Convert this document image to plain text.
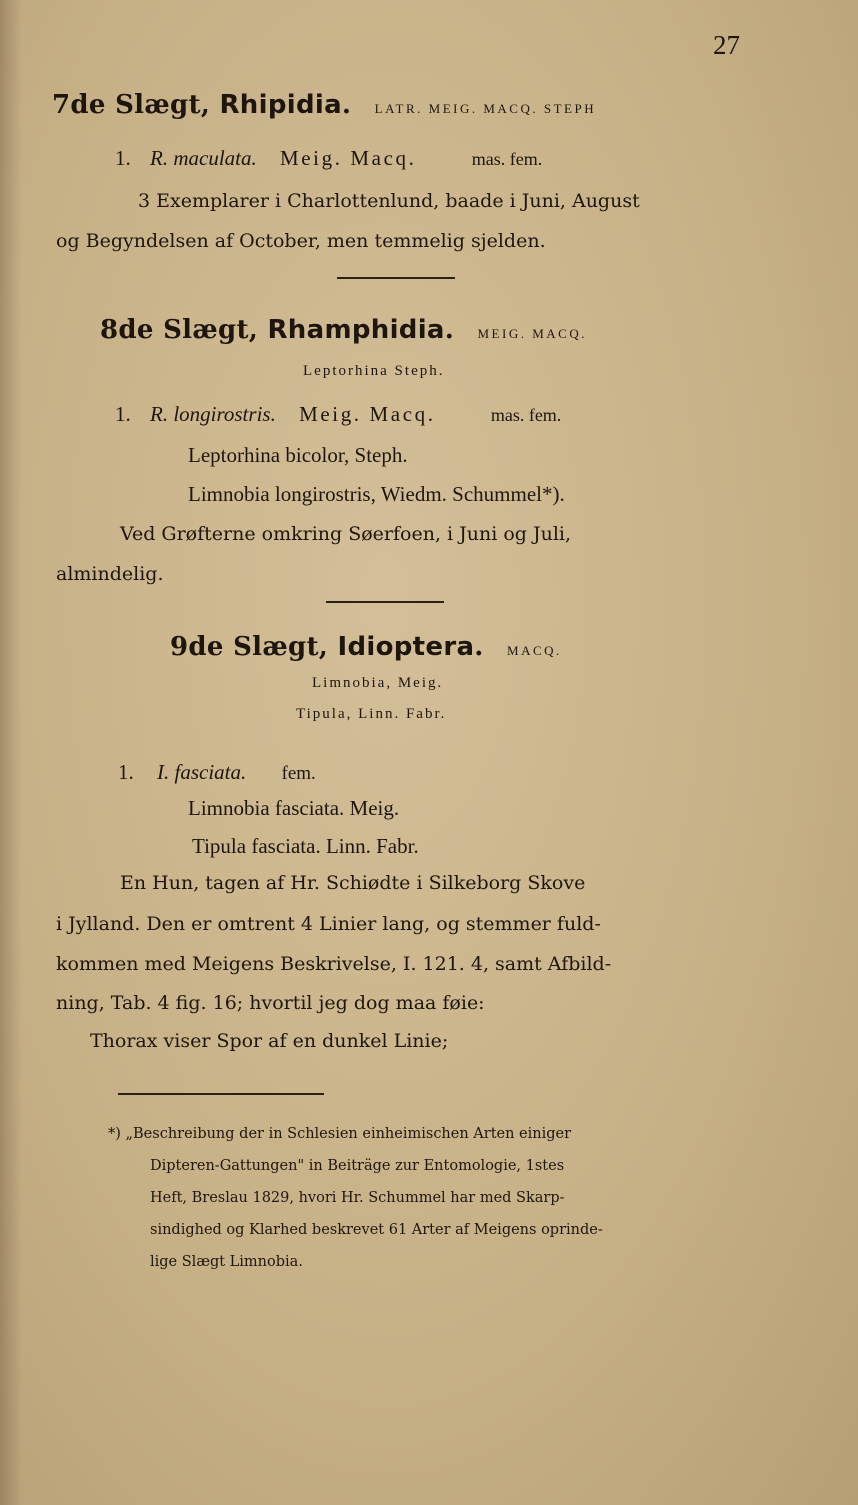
27
7de Slægt, Rhipidia. LATR. MEIG. MACQ. STEPH
1. R. maculata. Meig. Macq.	mas. fem.
3 Exemplarer i Charlottenlund, baade i Juni, August
og Begyndelsen af October, men temmelig sjelden.
8de Slægt, Rhamphidia. MEIG. MACQ.
Leptorhina Steph.
1. R. longirostris. Meig. Macq.	mas. fem.
Leptorhina bicolor, Steph.
Limnobia longirostris, Wiedm. Schummel*).
Ved Grøfterne omkring Søerfoen, i Juni og Juli,
almindelig.
9de Slægt, Idioptera. MACQ.
Limnobia, Meig.
Tipula, Linn. Fabr.
1. I. fasciata. fem.
Limnobia fasciata. Meig.
Tipula fasciata. Linn. Fabr.
En Hun, tagen af Hr. Schiødte i Silkeborg Skove
i Jylland. Den er omtrent 4 Linier lang, og stemmer fuld-
kommen med Meigens Beskrivelse, I. 121. 4, samt Afbild-
ning, Tab. 4 fig. 16; hvortil jeg dog maa føie:
Thorax viser Spor af en dunkel Linie;
*) „Beschreibung der in Schlesien einheimischen Arten einiger
Dipteren-Gattungen" in Beiträge zur Entomologie, 1stes
Heft, Breslau 1829, hvori Hr. Schummel har med Skarp-
sindighed og Klarhed beskrevet 61 Arter af Meigens oprinde-
lige Slægt Limnobia.
